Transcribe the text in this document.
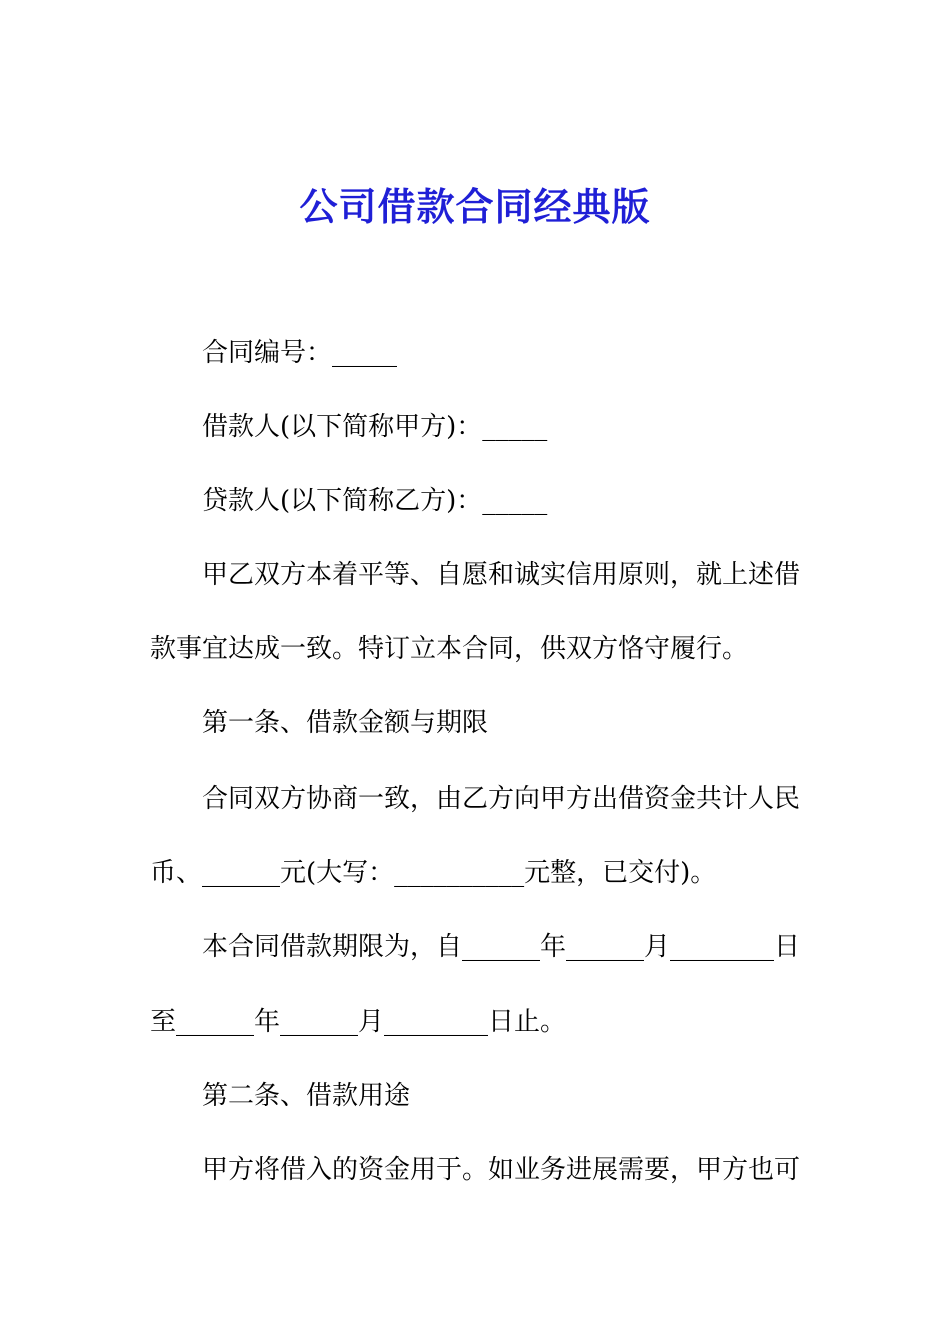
公司借款合同经典版
合同编号：_____
借款人(以下简称甲方)：_____
贷款人(以下简称乙方)：_____
甲乙双方本着平等、自愿和诚实信用原则，就上述借
款事宜达成一致。特订立本合同，供双方恪守履行。
第一条、借款金额与期限
合同双方协商一致，由乙方向甲方出借资金共计人民
币、______元(大写：__________元整，已交付)。
本合同借款期限为，自______年______月________日
至______年______月________日止。
第二条、借款用途
甲方将借入的资金用于。如业务进展需要，甲方也可
